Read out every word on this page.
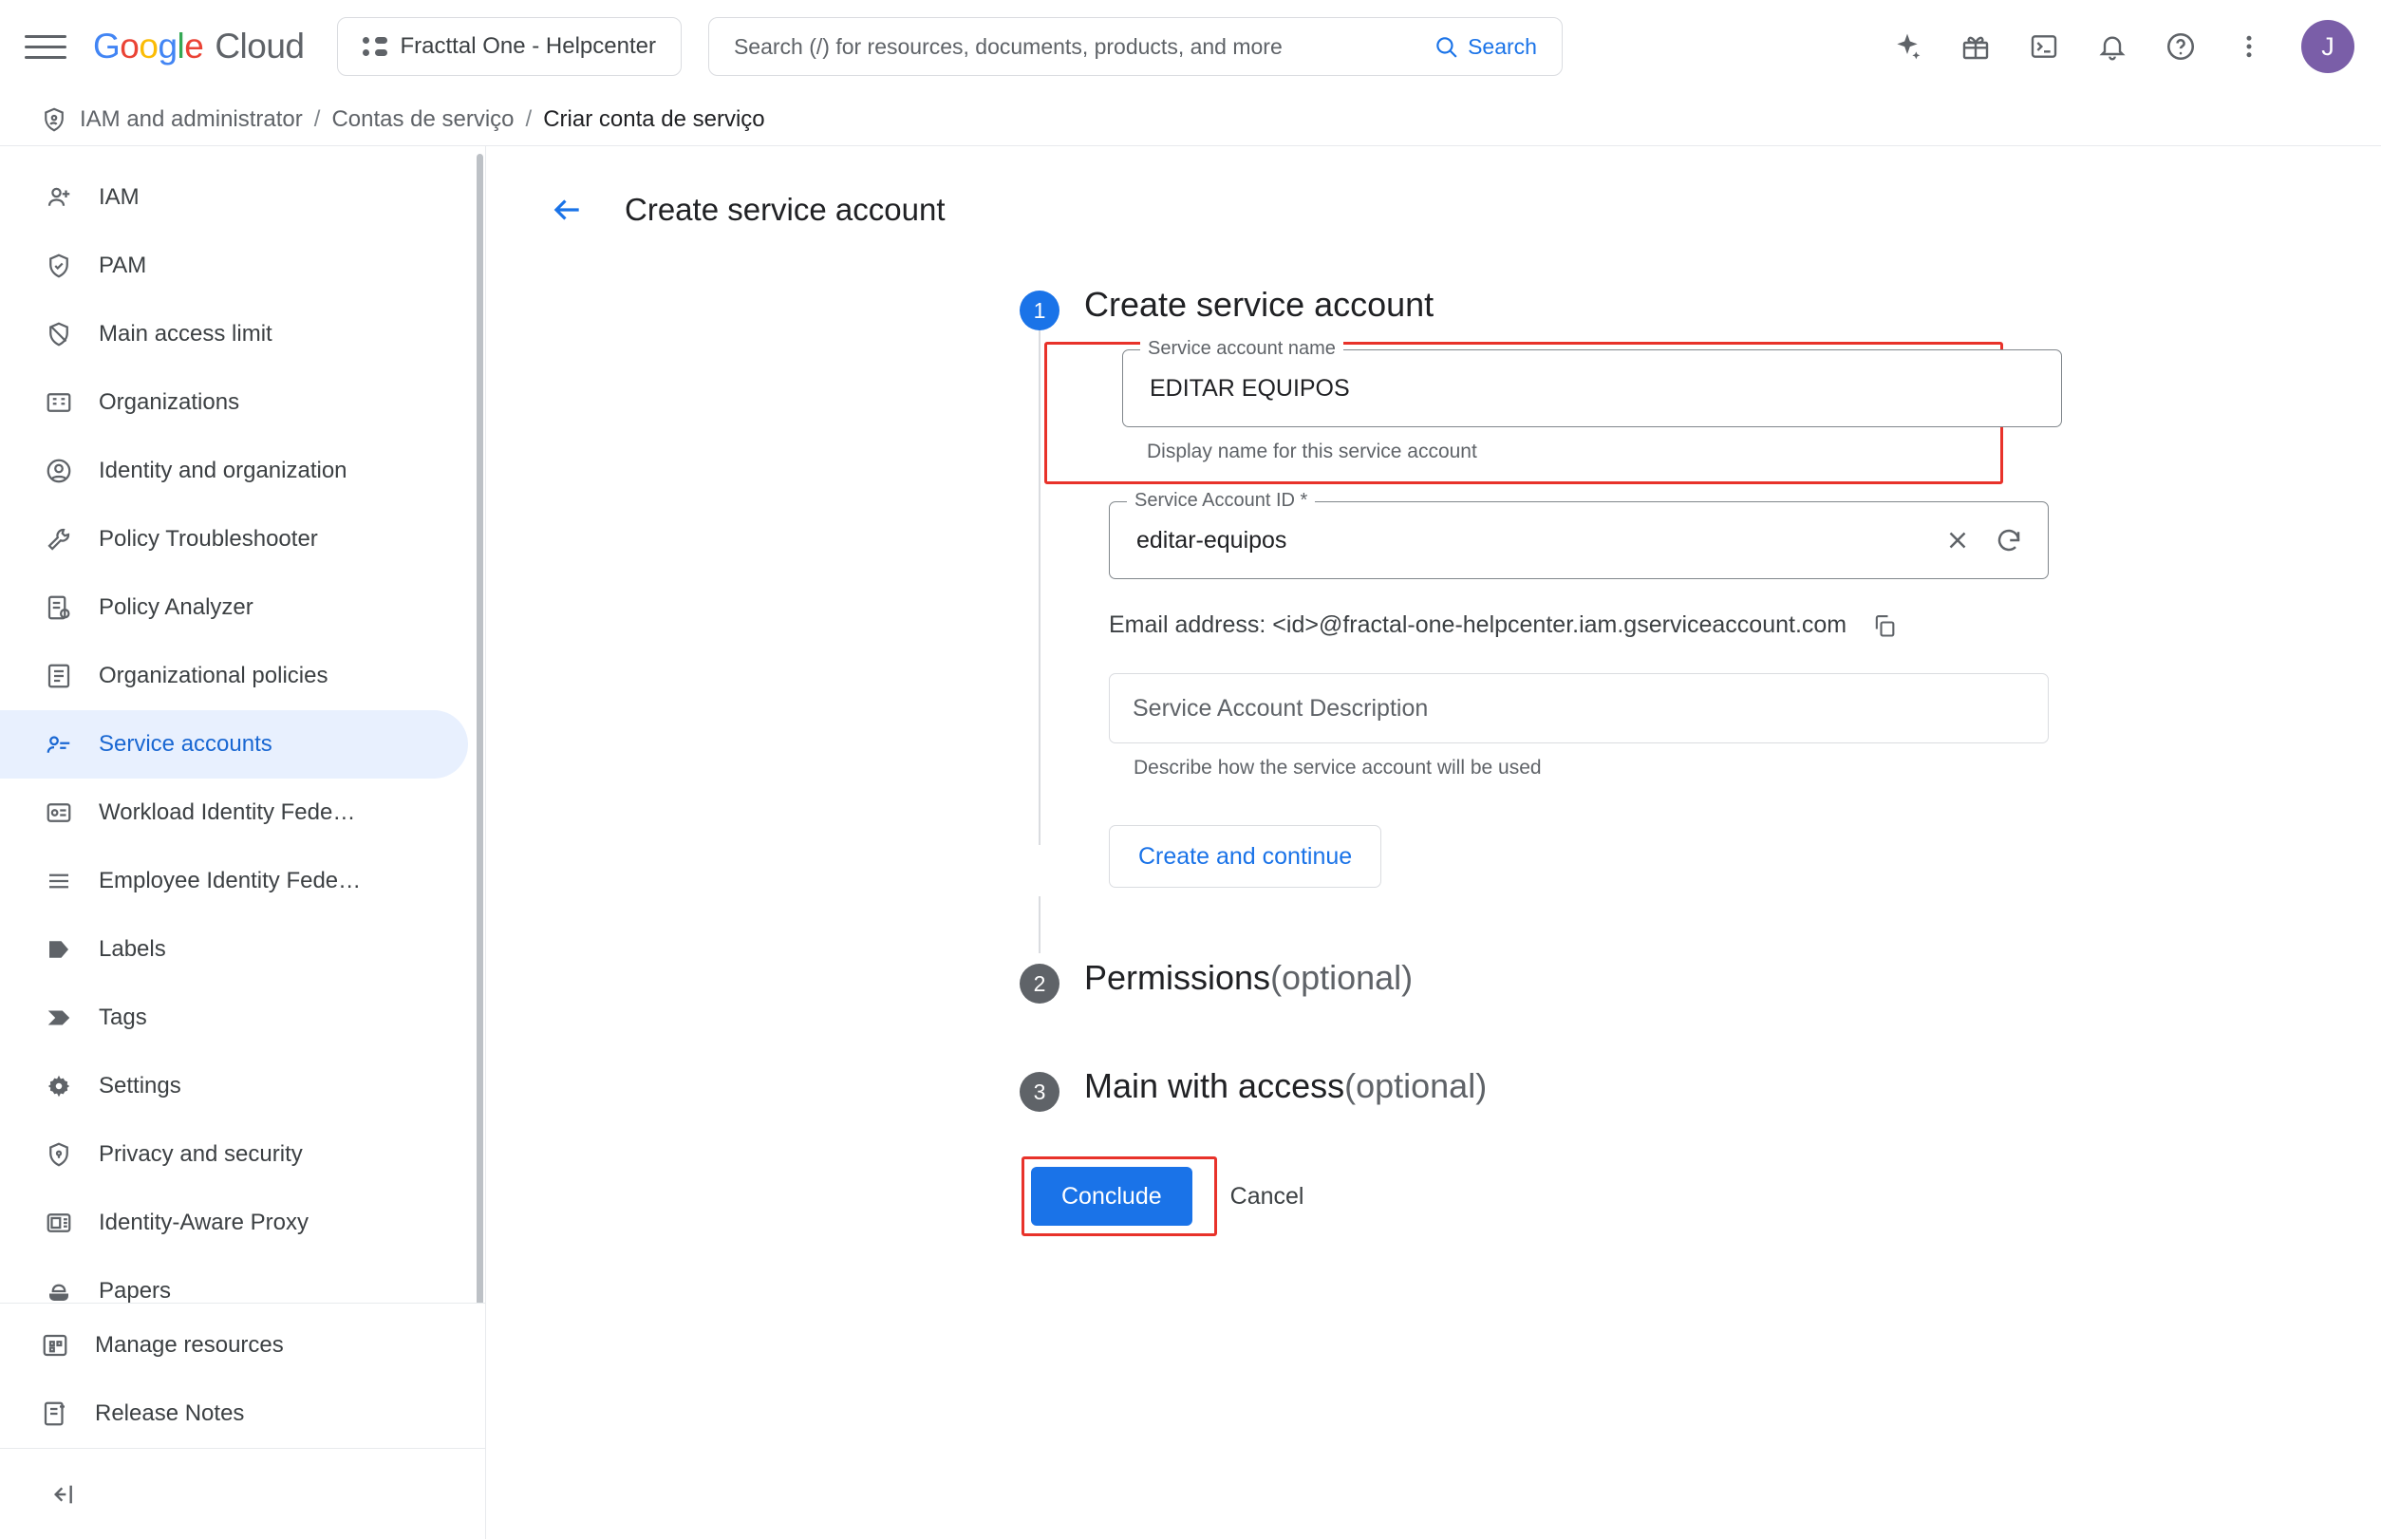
Google Cloud	Fracttal One - Helpcenter
Search (/) for resources, documents, products, and more	Search	J
IAM and administrator / Contas de serviço / Criar conta de serviço
IAM
PAM
Main access limit
Organizations
Identity and organization
Policy Troubleshooter
Policy Analyzer
Organizational policies
Service accounts
Workload Identity Fede…
Employee Identity Fede…
Labels
Tags
Settings
Privacy and security
Identity-Aware Proxy
Papers
Manage resources
Release Notes
Create service account
1	Create service account
Service account name
EDITAR EQUIPOS
Display name for this service account
Service Account ID *
editar-equipos
Email address: <id>@fractal-one-helpcenter.iam.gserviceaccount.com
Service Account Description
Describe how the service account will be used
Create and continue
2	Permissions(optional)
3	Main with access(optional)
Conclude	Cancel
